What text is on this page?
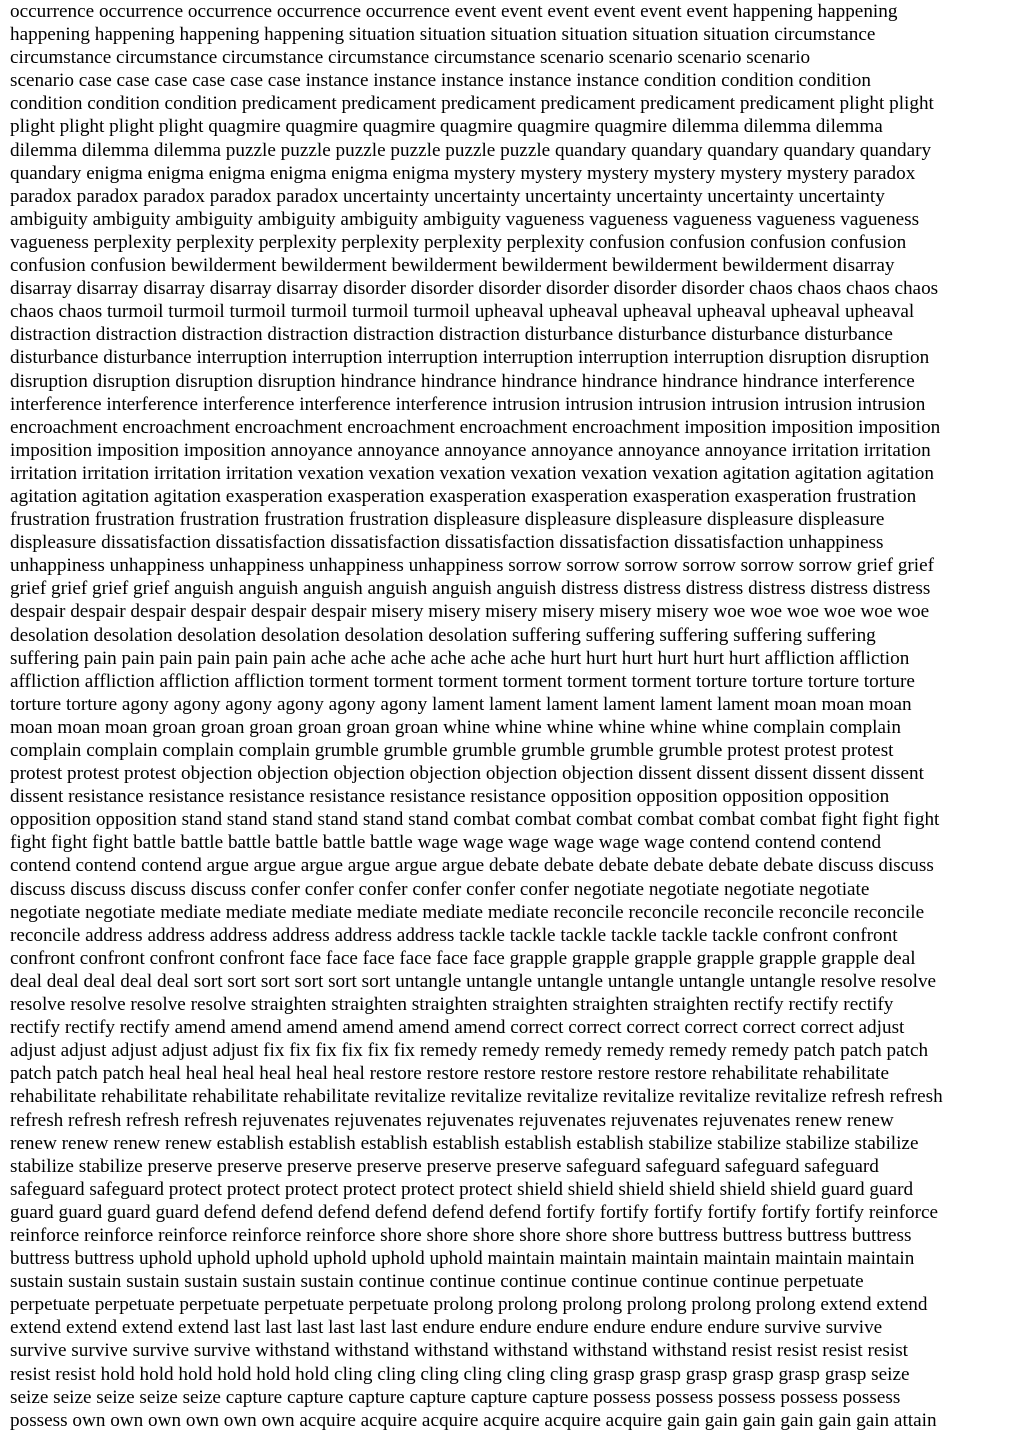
occurrence occurrence occurrence occurrence occurrence event event event event event event happening happening
happening happening happening happening situation situation situation situation situation situation circumstance
circumstance circumstance circumstance circumstance circumstance scenario scenario scenario scenario
scenario case case case case case case instance instance instance instance instance condition condition condition
condition condition condition predicament predicament predicament predicament predicament predicament plight plight
plight plight plight plight quagmire quagmire quagmire quagmire quagmire quagmire dilemma dilemma dilemma
dilemma dilemma dilemma puzzle puzzle puzzle puzzle puzzle puzzle quandary quandary quandary quandary quandary
quandary enigma enigma enigma enigma enigma enigma mystery mystery mystery mystery mystery mystery paradox
paradox paradox paradox paradox paradox uncertainty uncertainty uncertainty uncertainty uncertainty uncertainty
ambiguity ambiguity ambiguity ambiguity ambiguity ambiguity vagueness vagueness vagueness vagueness vagueness
vagueness perplexity perplexity perplexity perplexity perplexity perplexity confusion confusion confusion confusion
confusion confusion bewilderment bewilderment bewilderment bewilderment bewilderment bewilderment disarray
disarray disarray disarray disarray disarray disorder disorder disorder disorder disorder disorder chaos chaos chaos chaos
chaos chaos turmoil turmoil turmoil turmoil turmoil turmoil upheaval upheaval upheaval upheaval upheaval upheaval
distraction distraction distraction distraction distraction distraction disturbance disturbance disturbance disturbance
disturbance disturbance interruption interruption interruption interruption interruption interruption disruption disruption
disruption disruption disruption disruption hindrance hindrance hindrance hindrance hindrance hindrance interference
interference interference interference interference interference intrusion intrusion intrusion intrusion intrusion intrusion
encroachment encroachment encroachment encroachment encroachment encroachment imposition imposition imposition
imposition imposition imposition annoyance annoyance annoyance annoyance annoyance annoyance irritation irritation
irritation irritation irritation irritation vexation vexation vexation vexation vexation vexation agitation agitation agitation
agitation agitation agitation exasperation exasperation exasperation exasperation exasperation exasperation frustration
frustration frustration frustration frustration frustration displeasure displeasure displeasure displeasure displeasure
displeasure dissatisfaction dissatisfaction dissatisfaction dissatisfaction dissatisfaction dissatisfaction unhappiness
unhappiness unhappiness unhappiness unhappiness unhappiness sorrow sorrow sorrow sorrow sorrow sorrow grief grief
grief grief grief grief anguish anguish anguish anguish anguish anguish distress distress distress distress distress distress
despair despair despair despair despair despair misery misery misery misery misery misery woe woe woe woe woe woe
desolation desolation desolation desolation desolation desolation suffering suffering suffering suffering suffering
suffering pain pain pain pain pain pain ache ache ache ache ache ache hurt hurt hurt hurt hurt hurt affliction affliction
affliction affliction affliction affliction torment torment torment torment torment torment torture torture torture torture
torture torture agony agony agony agony agony agony lament lament lament lament lament lament moan moan moan
moan moan moan groan groan groan groan groan groan whine whine whine whine whine whine complain complain
complain complain complain complain grumble grumble grumble grumble grumble grumble protest protest protest
protest protest protest objection objection objection objection objection objection dissent dissent dissent dissent dissent
dissent resistance resistance resistance resistance resistance resistance opposition opposition opposition opposition
opposition opposition stand stand stand stand stand stand combat combat combat combat combat combat fight fight fight
fight fight fight battle battle battle battle battle battle wage wage wage wage wage wage contend contend contend
contend contend contend argue argue argue argue argue argue debate debate debate debate debate debate discuss discuss
discuss discuss discuss discuss confer confer confer confer confer confer negotiate negotiate negotiate negotiate
negotiate negotiate mediate mediate mediate mediate mediate mediate reconcile reconcile reconcile reconcile reconcile
reconcile address address address address address address tackle tackle tackle tackle tackle tackle confront confront
confront confront confront confront face face face face face face grapple grapple grapple grapple grapple grapple deal
deal deal deal deal deal sort sort sort sort sort sort untangle untangle untangle untangle untangle untangle resolve resolve
resolve resolve resolve resolve straighten straighten straighten straighten straighten straighten rectify rectify rectify
rectify rectify rectify amend amend amend amend amend amend correct correct correct correct correct correct adjust
adjust adjust adjust adjust adjust fix fix fix fix fix fix remedy remedy remedy remedy remedy remedy patch patch patch
patch patch patch heal heal heal heal heal heal restore restore restore restore restore restore rehabilitate rehabilitate
rehabilitate rehabilitate rehabilitate rehabilitate revitalize revitalize revitalize revitalize revitalize revitalize refresh refresh
refresh refresh refresh refresh rejuvenates rejuvenates rejuvenates rejuvenates rejuvenates rejuvenates renew renew
renew renew renew renew establish establish establish establish establish establish stabilize stabilize stabilize stabilize
stabilize stabilize preserve preserve preserve preserve preserve preserve safeguard safeguard safeguard safeguard
safeguard safeguard protect protect protect protect protect protect shield shield shield shield shield shield guard guard
guard guard guard guard defend defend defend defend defend defend fortify fortify fortify fortify fortify fortify reinforce
reinforce reinforce reinforce reinforce reinforce shore shore shore shore shore shore buttress buttress buttress buttress
buttress buttress uphold uphold uphold uphold uphold uphold maintain maintain maintain maintain maintain maintain
sustain sustain sustain sustain sustain sustain continue continue continue continue continue continue perpetuate
perpetuate perpetuate perpetuate perpetuate perpetuate prolong prolong prolong prolong prolong prolong extend extend
extend extend extend extend last last last last last last endure endure endure endure endure endure survive survive
survive survive survive survive withstand withstand withstand withstand withstand withstand resist resist resist resist
resist resist hold hold hold hold hold hold cling cling cling cling cling cling grasp grasp grasp grasp grasp grasp seize
seize seize seize seize seize capture capture capture capture capture capture possess possess possess possess possess
possess own own own own own own acquire acquire acquire acquire acquire acquire gain gain gain gain gain gain attain
